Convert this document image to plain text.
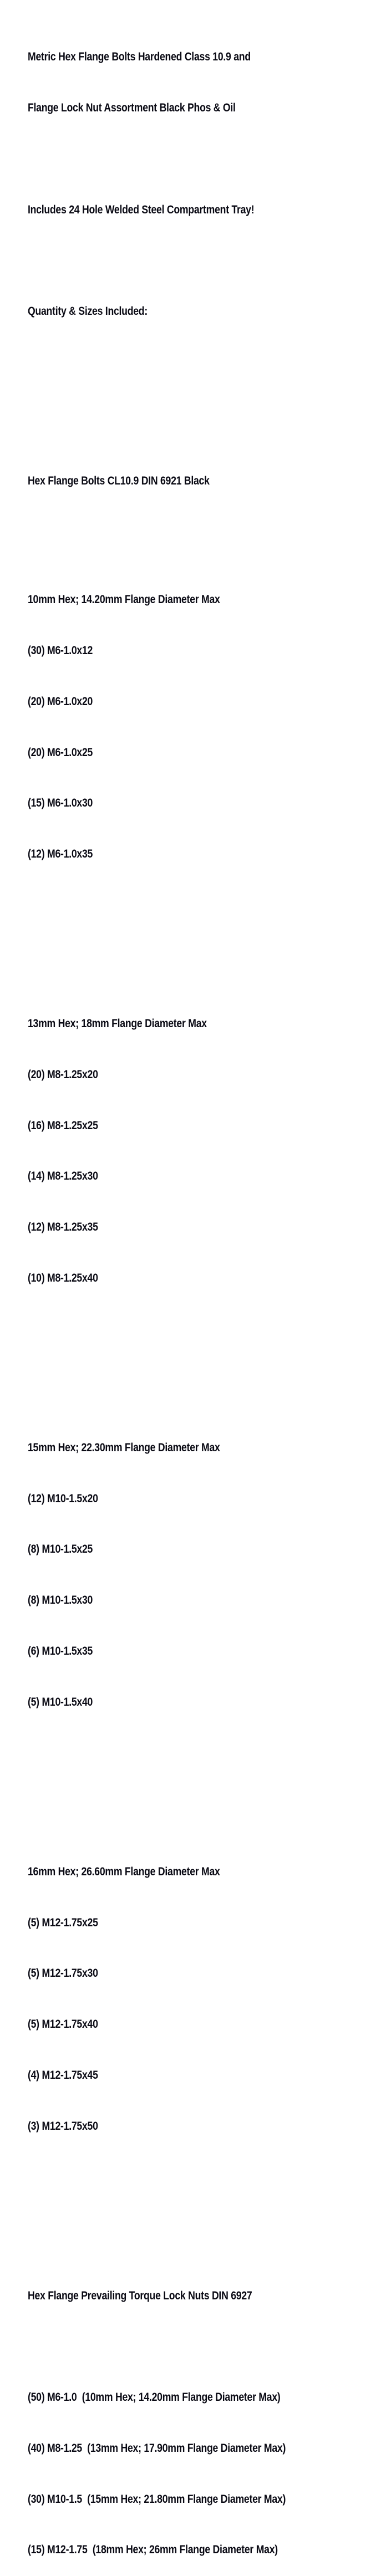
Metric Hex Flange Bolts Hardened Class 10.9 and

Flange Lock Nut Assortment Black Phos & Oil

Includes 24 Hole Welded Steel Compartment Tray!

Quantity & Sizes Included:

Hex Flange Bolts CL10.9 DIN 6921 Black

10mm Hex; 14.20mm Flange Diameter Max

(30) M6-1.0x12

(20) M6-1.0x20

(20) M6-1.0x25

(15) M6-1.0x30

(12) M6-1.0x35

13mm Hex; 18mm Flange Diameter Max

(20) M8-1.25x20

(16) M8-1.25x25

(14) M8-1.25x30

(12) M8-1.25x35

(10) M8-1.25x40

15mm Hex; 22.30mm Flange Diameter Max

(12) M10-1.5x20

(8) M10-1.5x25

(8) M10-1.5x30

(6) M10-1.5x35

(5) M10-1.5x40

16mm Hex; 26.60mm Flange Diameter Max

(5) M12-1.75x25

(5) M12-1.75x30

(5) M12-1.75x40

(4) M12-1.75x45

(3) M12-1.75x50

Hex Flange Prevailing Torque Lock Nuts DIN 6927

(50) M6-1.0  (10mm Hex; 14.20mm Flange Diameter Max)

(40) M8-1.25  (13mm Hex; 17.90mm Flange Diameter Max)

(30) M10-1.5  (15mm Hex; 21.80mm Flange Diameter Max)

(15) M12-1.75  (18mm Hex; 26mm Flange Diameter Max)
